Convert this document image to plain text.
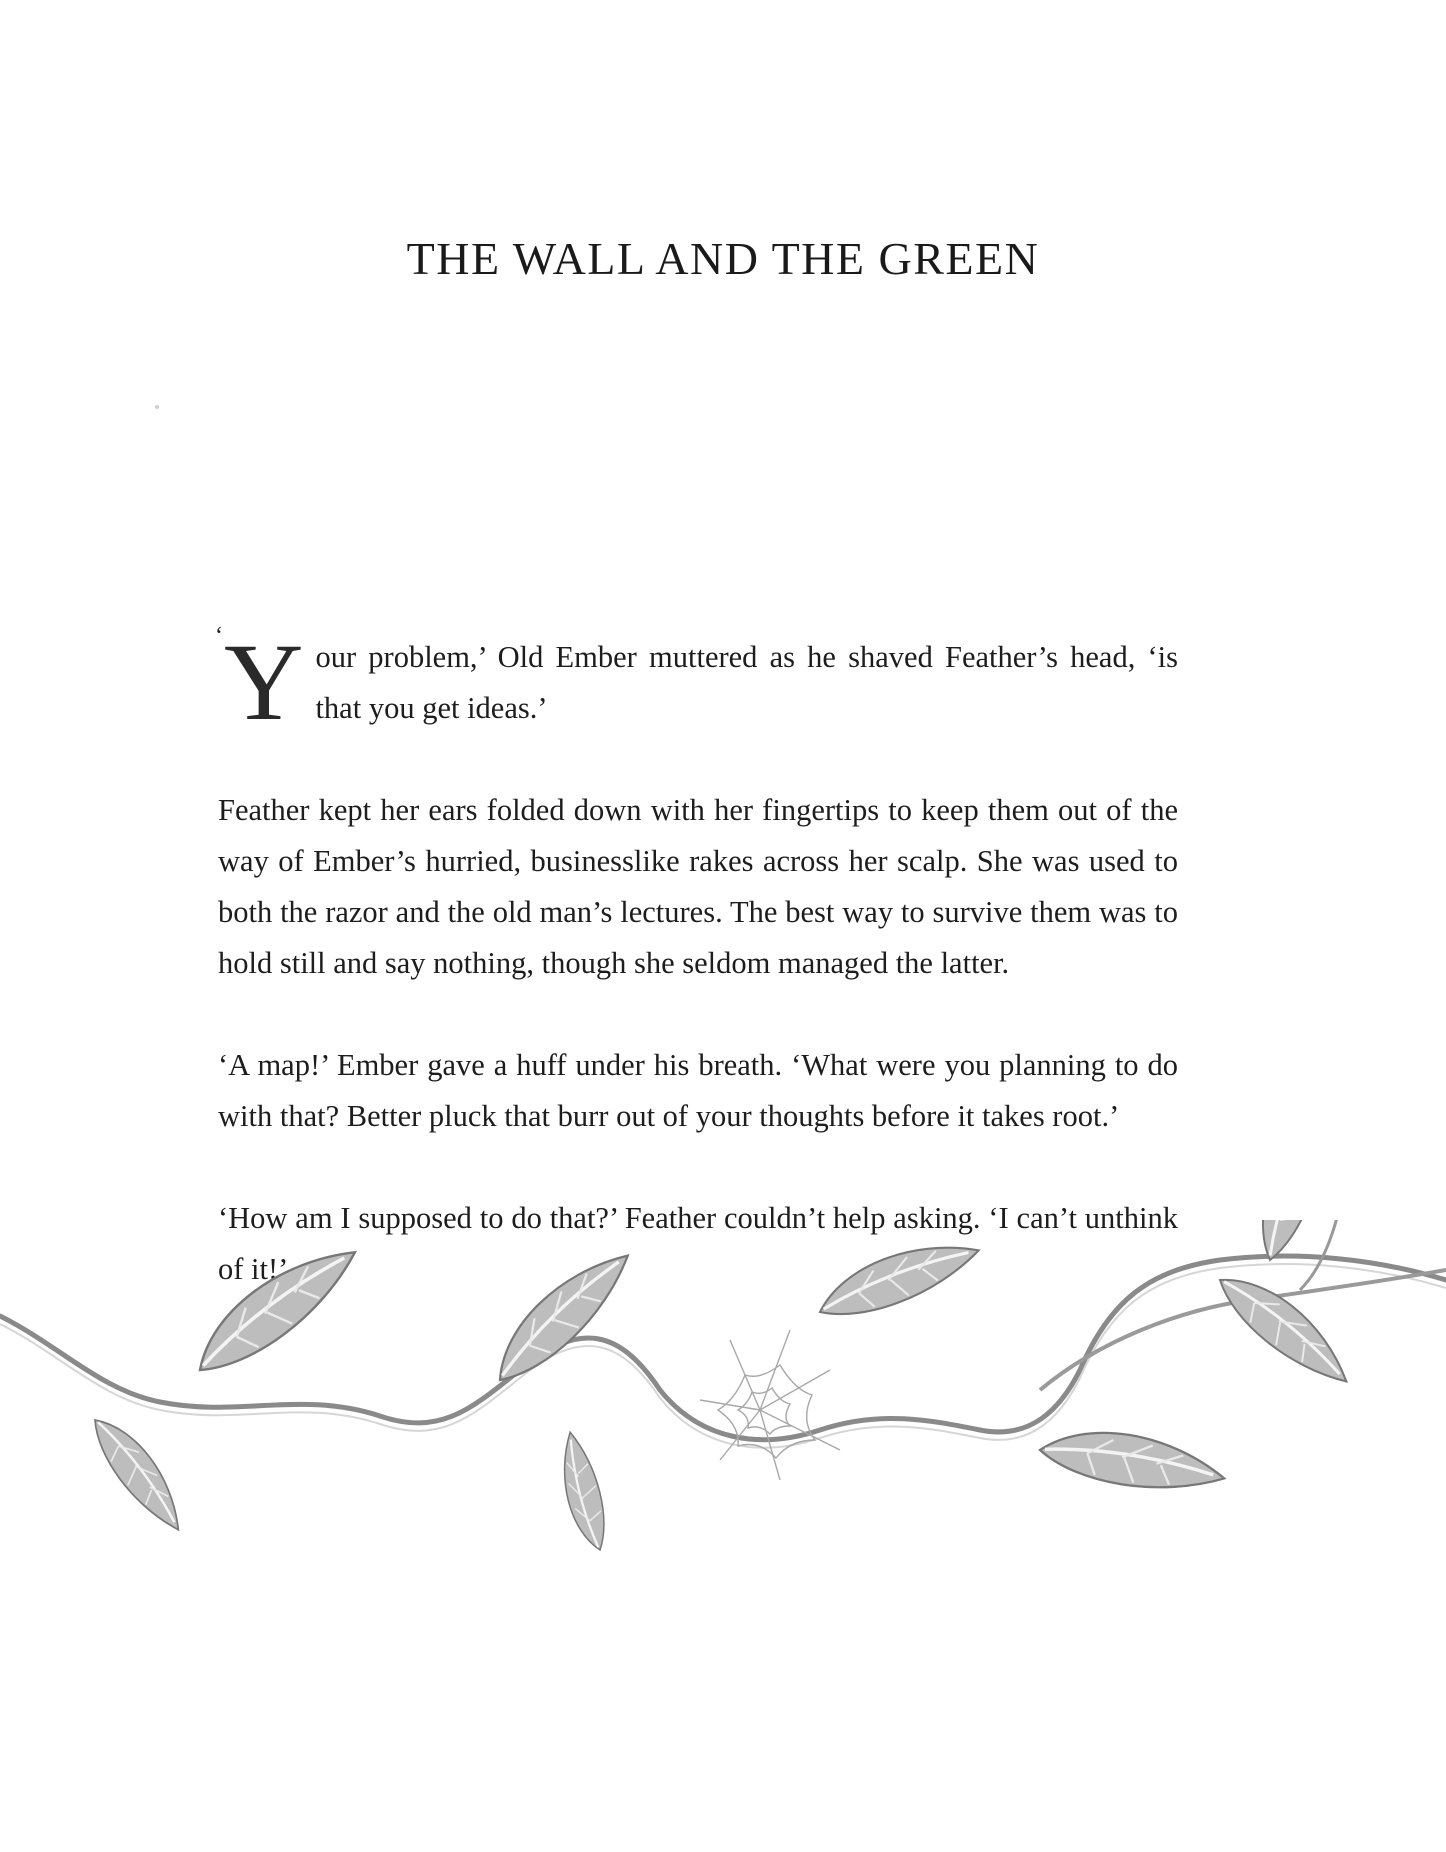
THE WALL AND THE GREEN

‘ Y our problem,’ Old Ember muttered as he shaved Feather’s head, ‘is that you get ideas.’

Feather kept her ears folded down with her fingertips to keep them out of the way of Ember’s hurried, businesslike rakes across her scalp. She was used to both the razor and the old man’s lectures. The best way to survive them was to hold still and say nothing, though she seldom managed the latter.

‘A map!’ Ember gave a huff under his breath. ‘What were you planning to do with that? Better pluck that burr out of your thoughts before it takes root.’

‘How am I supposed to do that?’ Feather couldn’t help asking. ‘I can’t unthink of it!’
